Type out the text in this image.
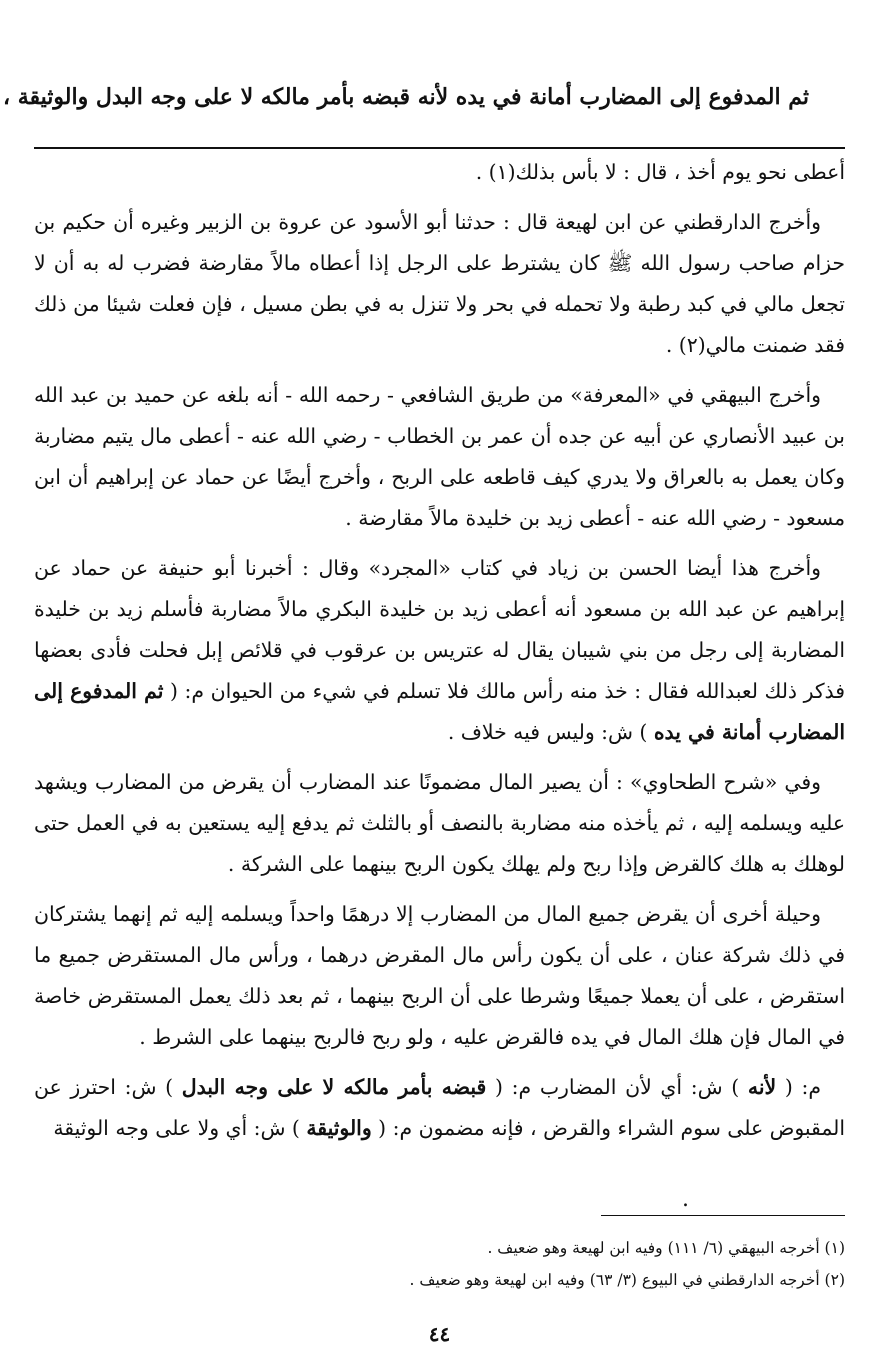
ثم المدفوع إلى المضارب أمانة في يده لأنه قبضه بأمر مالكه لا على وجه البدل والوثيقة ،

أعطى نحو يوم أخذ ، قال : لا بأس بذلك(١) .

وأخرج الدارقطني عن ابن لهيعة قال : حدثنا أبو الأسود عن عروة بن الزبير وغيره أن حكيم بن حزام صاحب رسول الله ﷺ كان يشترط على الرجل إذا أعطاه مالاً مقارضة فضرب له به أن لا تجعل مالي في كبد رطبة ولا تحمله في بحر ولا تنزل به في بطن مسيل ، فإن فعلت شيئا من ذلك فقد ضمنت مالي(٢) .

وأخرج البيهقي في «المعرفة» من طريق الشافعي - رحمه الله - أنه بلغه عن حميد بن عبد الله بن عبيد الأنصاري عن أبيه عن جده أن عمر بن الخطاب - رضي الله عنه - أعطى مال يتيم مضاربة وكان يعمل به بالعراق ولا يدري كيف قاطعه على الربح ، وأخرج أيضًا عن حماد عن إبراهيم أن ابن مسعود - رضي الله عنه - أعطى زيد بن خليدة مالاً مقارضة .

وأخرج هذا أيضا الحسن بن زياد في كتاب «المجرد» وقال : أخبرنا أبو حنيفة عن حماد عن إبراهيم عن عبد الله بن مسعود أنه أعطى زيد بن خليدة البكري مالاً مضاربة فأسلم زيد بن خليدة المضاربة إلى رجل من بني شيبان يقال له عتريس بن عرقوب في قلائص إبل فحلت فأدى بعضها فذكر ذلك لعبدالله فقال : خذ منه رأس مالك فلا تسلم في شيء من الحيوان م: ( ثم المدفوع إلى المضارب أمانة في يده ) ش: وليس فيه خلاف .

وفي «شرح الطحاوي» : أن يصير المال مضمونًا عند المضارب أن يقرض من المضارب ويشهد عليه ويسلمه إليه ، ثم يأخذه منه مضاربة بالنصف أو بالثلث ثم يدفع إليه يستعين به في العمل حتى لوهلك به هلك كالقرض وإذا ربح ولم يهلك يكون الربح بينهما على الشركة .

وحيلة أخرى أن يقرض جميع المال من المضارب إلا درهمًا واحداً ويسلمه إليه ثم إنهما يشتركان في ذلك شركة عنان ، على أن يكون رأس مال المقرض درهما ، ورأس مال المستقرض جميع ما استقرض ، على أن يعملا جميعًا وشرطا على أن الربح بينهما ، ثم بعد ذلك يعمل المستقرض خاصة في المال فإن هلك المال في يده فالقرض عليه ، ولو ربح فالربح بينهما على الشرط .

م: ( لأنه ) ش: أي لأن المضارب م: ( قبضه بأمر مالكه لا على وجه البدل ) ش: احترز عن المقبوض على سوم الشراء والقرض ، فإنه مضمون م: ( والوثيقة ) ش: أي ولا على وجه الوثيقة

.

(١) أخرجه البيهقي (٦/ ١١١) وفيه ابن لهيعة وهو ضعيف .

(٢) أخرجه الدارقطني في البيوع (٣/ ٦٣) وفيه ابن لهيعة وهو ضعيف .

٤٤
